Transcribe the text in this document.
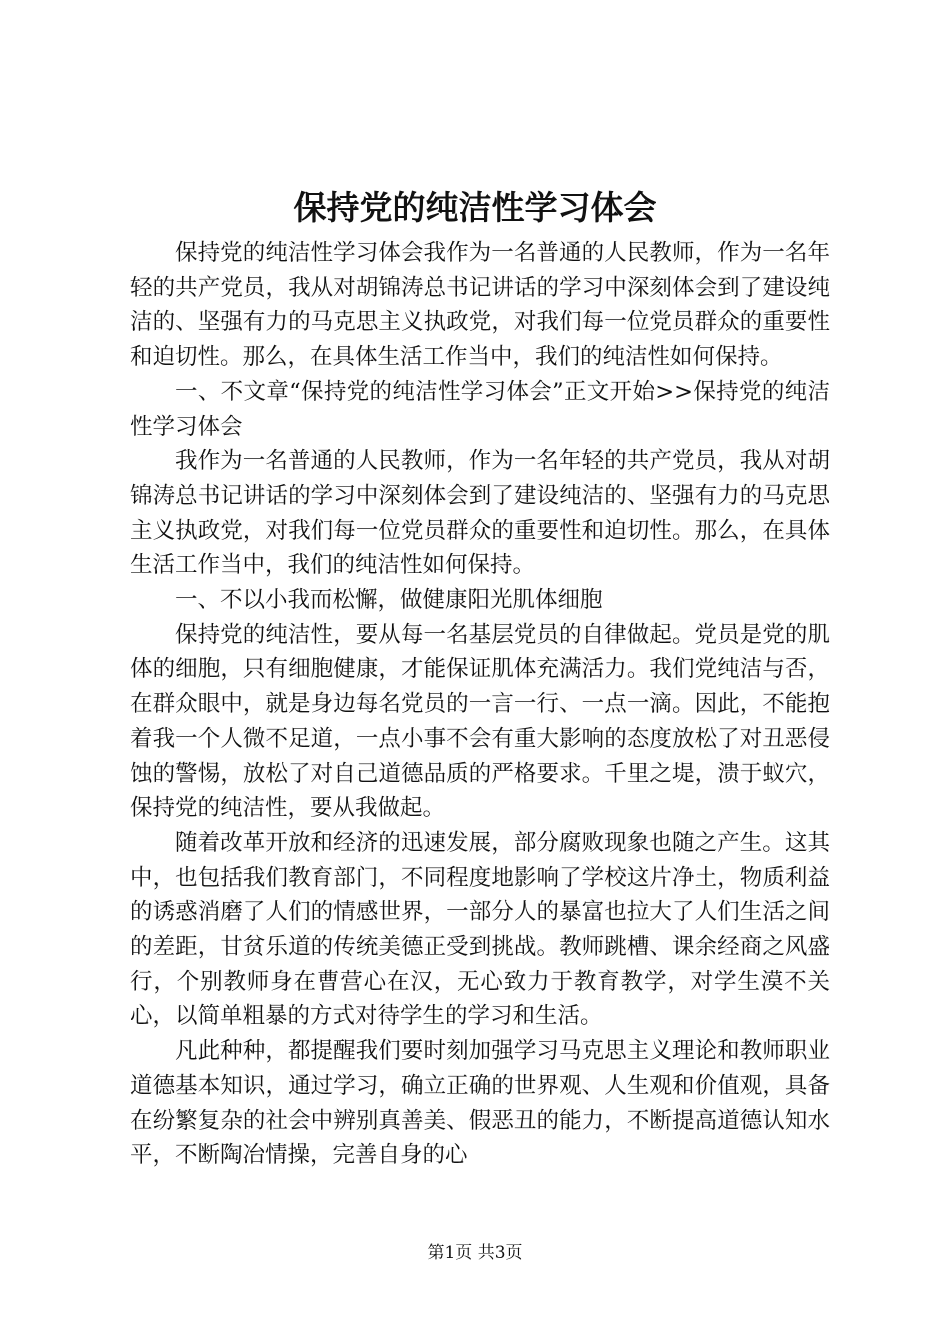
保持党的纯洁性学习体会

保持党的纯洁性学习体会我作为一名普通的人民教师，作为一名年轻的共产党员，我从对胡锦涛总书记讲话的学习中深刻体会到了建设纯洁的、坚强有力的马克思主义执政党，对我们每一位党员群众的重要性和迫切性。那么，在具体生活工作当中，我们的纯洁性如何保持。

一、不文章“保持党的纯洁性学习体会”正文开始>>保持党的纯洁性学习体会

我作为一名普通的人民教师，作为一名年轻的共产党员，我从对胡锦涛总书记讲话的学习中深刻体会到了建设纯洁的、坚强有力的马克思主义执政党，对我们每一位党员群众的重要性和迫切性。那么，在具体生活工作当中，我们的纯洁性如何保持。

一、不以小我而松懈，做健康阳光肌体细胞

保持党的纯洁性，要从每一名基层党员的自律做起。党员是党的肌体的细胞，只有细胞健康，才能保证肌体充满活力。我们党纯洁与否，在群众眼中，就是身边每名党员的一言一行、一点一滴。因此，不能抱着我一个人微不足道，一点小事不会有重大影响的态度放松了对丑恶侵蚀的警惕，放松了对自己道德品质的严格要求。千里之堤，溃于蚁穴，保持党的纯洁性，要从我做起。

随着改革开放和经济的迅速发展，部分腐败现象也随之产生。这其中，也包括我们教育部门，不同程度地影响了学校这片净土，物质利益的诱惑消磨了人们的情感世界，一部分人的暴富也拉大了人们生活之间的差距，甘贫乐道的传统美德正受到挑战。教师跳槽、课余经商之风盛行，个别教师身在曹营心在汉，无心致力于教育教学，对学生漠不关心，以简单粗暴的方式对待学生的学习和生活。

凡此种种，都提醒我们要时刻加强学习马克思主义理论和教师职业道德基本知识，通过学习，确立正确的世界观、人生观和价值观，具备在纷繁复杂的社会中辨别真善美、假恶丑的能力，不断提高道德认知水平，不断陶冶情操，完善自身的心

第1页 共3页
